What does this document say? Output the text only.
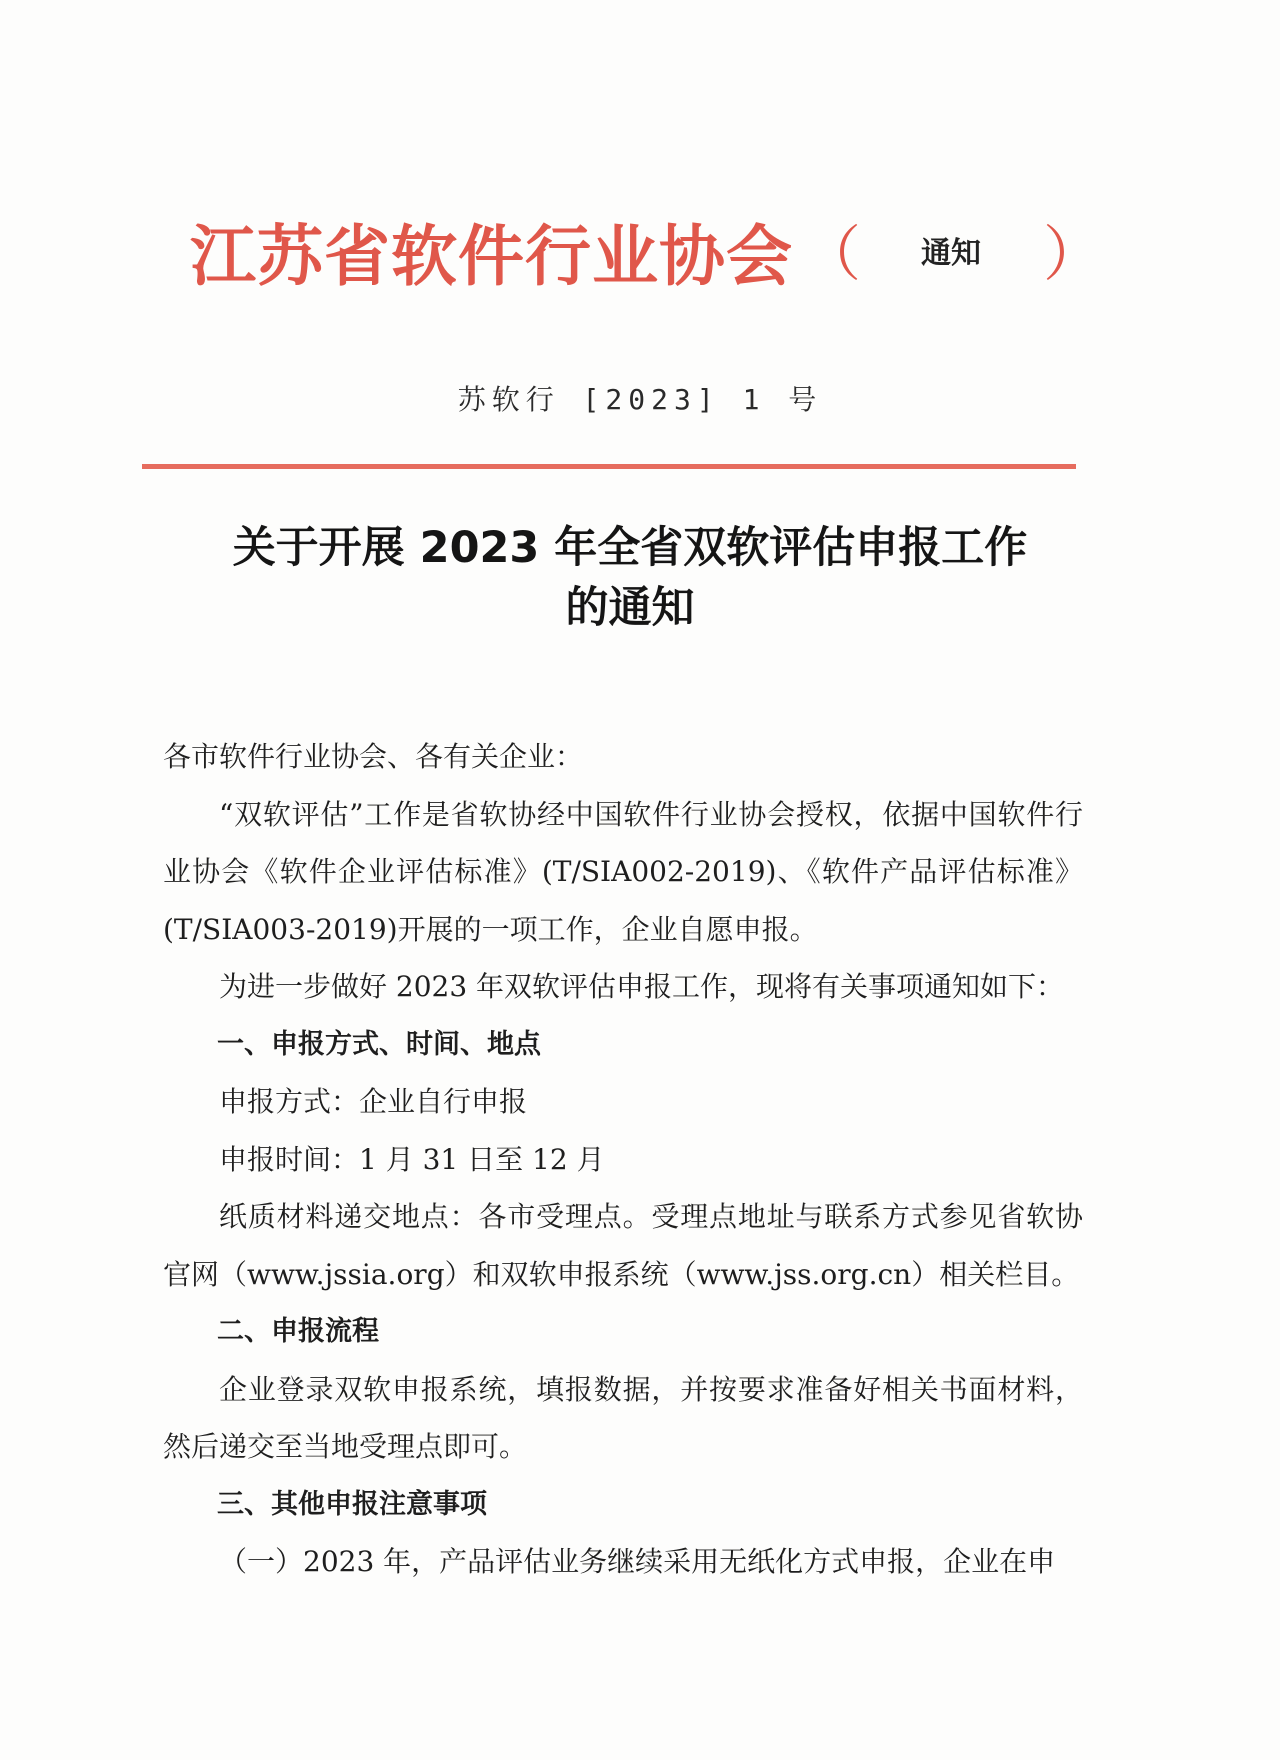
江苏省软件行业协会 （ 通知 ）
苏软行 [2023] 1 号
关于开展 2023 年全省双软评估申报工作
的通知

各市软件行业协会、各有关企业：

“双软评估”工作是省软协经中国软件行业协会授权，依据中国软件行业协会《软件企业评估标准》(T/SIA002-2019)、《软件产品评估标准》(T/SIA003-2019)开展的一项工作，企业自愿申报。

为进一步做好 2023 年双软评估申报工作，现将有关事项通知如下：

一、申报方式、时间、地点

申报方式：企业自行申报

申报时间：1 月 31 日至 12 月

纸质材料递交地点：各市受理点。受理点地址与联系方式参见省软协官网（www.jssia.org）和双软申报系统（www.jss.org.cn）相关栏目。

二、申报流程

企业登录双软申报系统，填报数据，并按要求准备好相关书面材料，然后递交至当地受理点即可。

三、其他申报注意事项

（一）2023 年，产品评估业务继续采用无纸化方式申报，企业在申
